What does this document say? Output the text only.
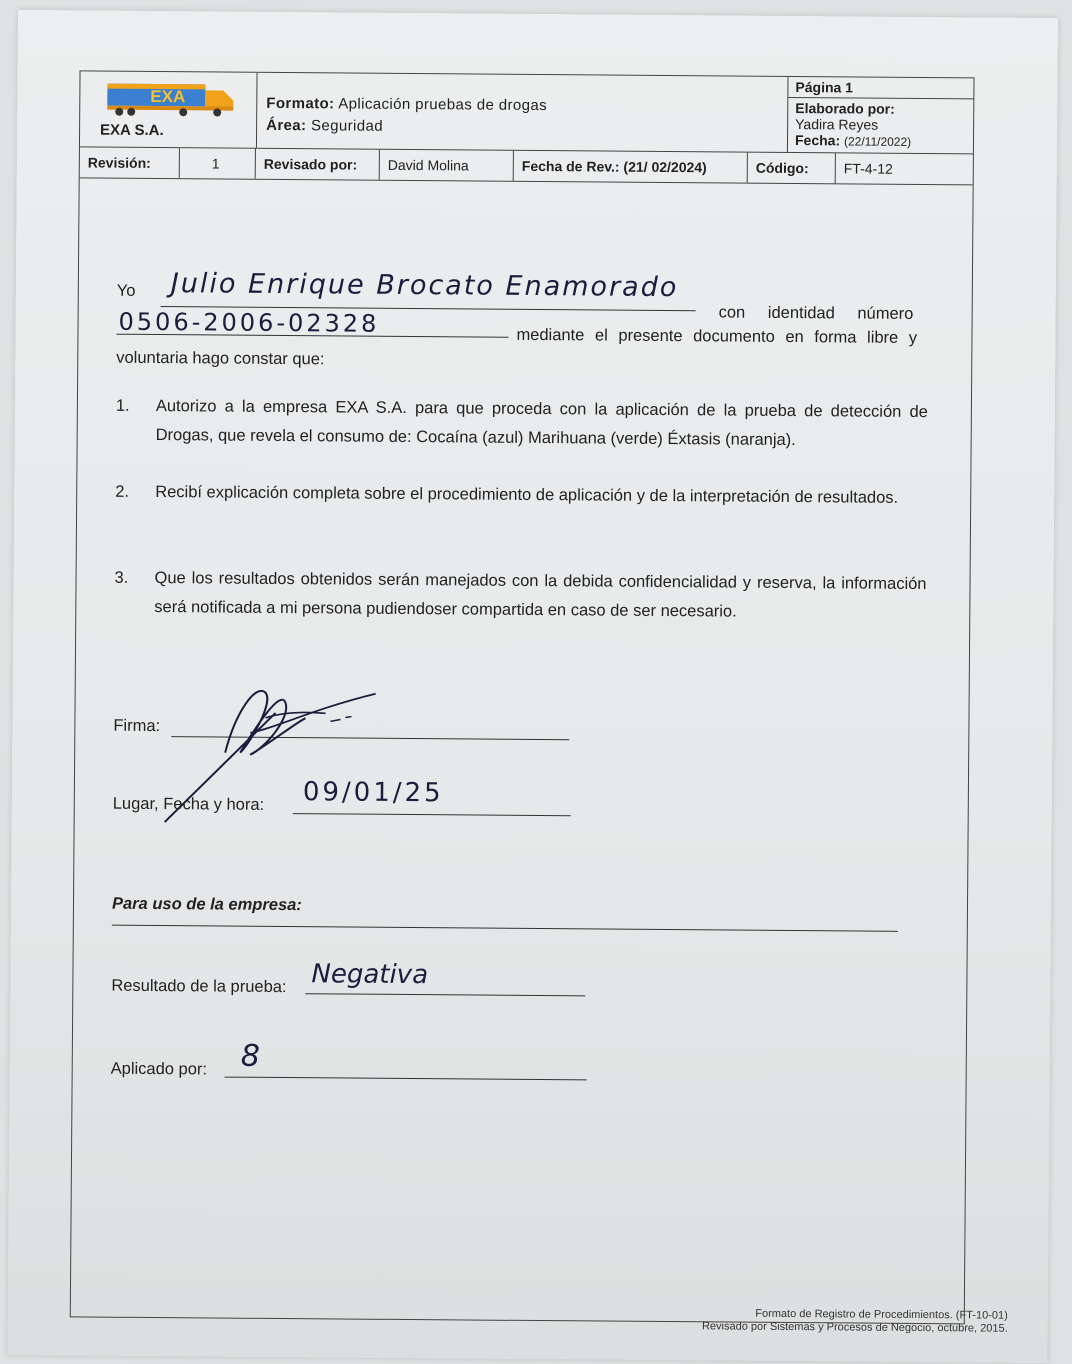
EXA
EXA S.A.
Formato: Aplicación pruebas de drogas
Área: Seguridad
Página 1
Elaborado por:
Yadira Reyes
Fecha: (22/11/2022)
Revisión:	1	Revisado por:	David Molina	Fecha de Rev.: (21/ 02/2024)	Código:	FT-4-12
Yo Julio Enrique Brocato Enamorado
con identidad número
0506-2006-02328	mediante el presente documento en forma libre y
voluntaria hago constar que:
1. Autorizo a la empresa EXA S.A. para que proceda con la aplicación de la prueba de detección de Drogas, que revela el consumo de: Cocaína (azul) Marihuana (verde) Éxtasis (naranja).
2. Recibí explicación completa sobre el procedimiento de aplicación y de la interpretación de resultados.
3. Que los resultados obtenidos serán manejados con la debida confidencialidad y reserva, la información será notificada a mi persona pudiendoser compartida en caso de ser necesario.
Firma:
Lugar, Fecha y hora: 09/01/25
Para uso de la empresa:
Resultado de la prueba: Negativa
Aplicado por: 8
Formato de Registro de Procedimientos. (FT-10-01)
Revisado por Sistemas y Procesos de Negocio, octubre, 2015.
